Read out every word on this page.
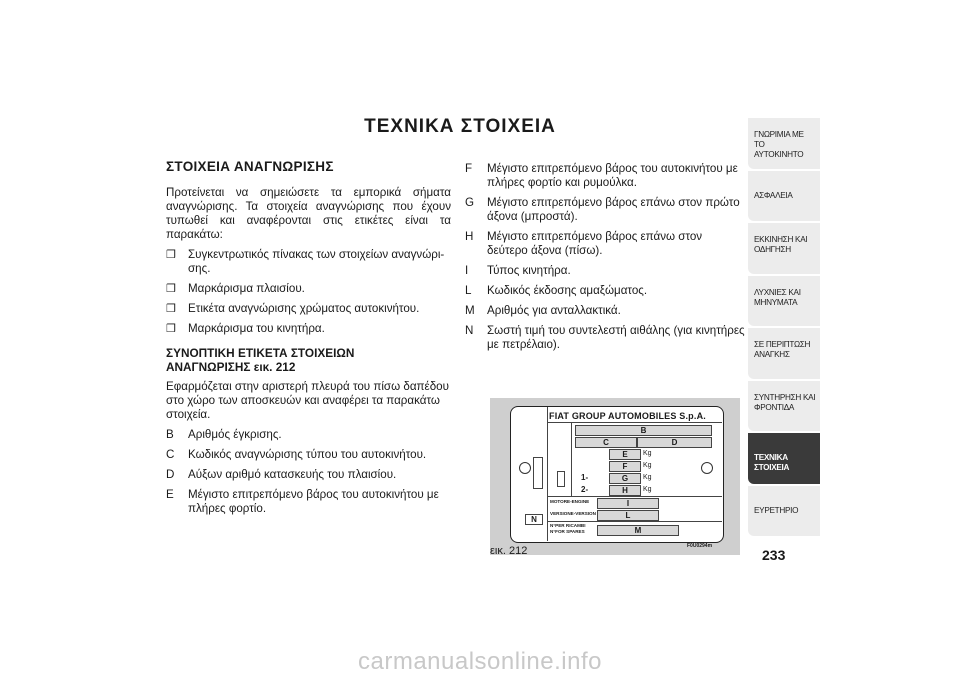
ΤΕΧΝΙΚΑ ΣΤΟΙΧΕΙΑ
ΣΤΟΙΧΕΙΑ ΑΝΑΓΝΩΡΙΣΗΣ
Προτείνεται να σημειώσετε τα εμπορικά σήματα αναγνώρισης. Τα στοιχεία αναγνώρισης που έχουν τυπωθεί και αναφέρονται στις ετικέτες είναι τα παρακάτω:
❒ Συγκεντρωτικός πίνακας των στοιχείων αναγνώρι- σης.
❒ Μαρκάρισμα πλαισίου.
❒ Ετικέτα αναγνώρισης χρώματος αυτοκινήτου.
❒ Μαρκάρισμα του κινητήρα.
ΣΥΝΟΠΤΙΚΗ ΕΤΙΚΕΤΑ ΣΤΟΙΧΕΙΩΝ
ΑΝΑΓΝΩΡΙΣΗΣ εικ. 212
Εφαρμόζεται στην αριστερή πλευρά του πίσω δαπέδου στο χώρο των αποσκευών και αναφέρει τα παρακάτω στοιχεία.
B Αριθμός έγκρισης.
C Κωδικός αναγνώρισης τύπου του αυτοκινήτου.
D Αύξων αριθμό κατασκευής του πλαισίου.
E Μέγιστο επιτρεπόμενο βάρος του αυτοκινήτου με πλήρες φορτίο.
F Μέγιστο επιτρεπόμενο βάρος του αυτοκινήτου με πλήρες φορτίο και ρυμούλκα.
G Μέγιστο επιτρεπόμενο βάρος επάνω στον πρώτο άξονα (μπροστά).
H Μέγιστο επιτρεπόμενο βάρος επάνω στον δεύτερο άξονα (πίσω).
I Τύπος κινητήρα.
L Κωδικός έκδοσης αμαξώματος.
M Αριθμός για ανταλλακτικά.
N Σωστή τιμή του συντελεστή αιθάλης (για κινητήρες με πετρέλαιο).
FIAT GROUP AUTOMOBILES S.p.A.
B
C	D
E	Kg
F	Kg
1-	G	Kg
2-	H	Kg
MOTORE-ENGINE	I
VERSIONE-VERSION	L
N°PER RICAMBI
N°FOR SPARES	M
N
εικ. 212	F0U0294m
ΓΝΩΡΙΜΙΑ ΜΕ ΤΟ
ΑΥΤΟΚΙΝΗΤΟ
ΑΣΦΑΛΕΙΑ
ΕΚΚΙΝΗΣΗ ΚΑΙ
ΟΔΗΓΗΣΗ
ΛΥΧΝΙΕΣ ΚΑΙ
ΜΗΝΥΜΑΤΑ
ΣΕ ΠΕΡΙΠΤΩΣΗ
ΑΝΑΓΚΗΣ
ΣΥΝΤΗΡΗΣΗ ΚΑΙ
ΦΡΟΝΤΙΔΑ
ΤΕΧΝΙΚΑ ΣΤΟΙΧΕΙΑ
ΕΥΡΕΤΗΡΙΟ
233
carmanualsonline.info
